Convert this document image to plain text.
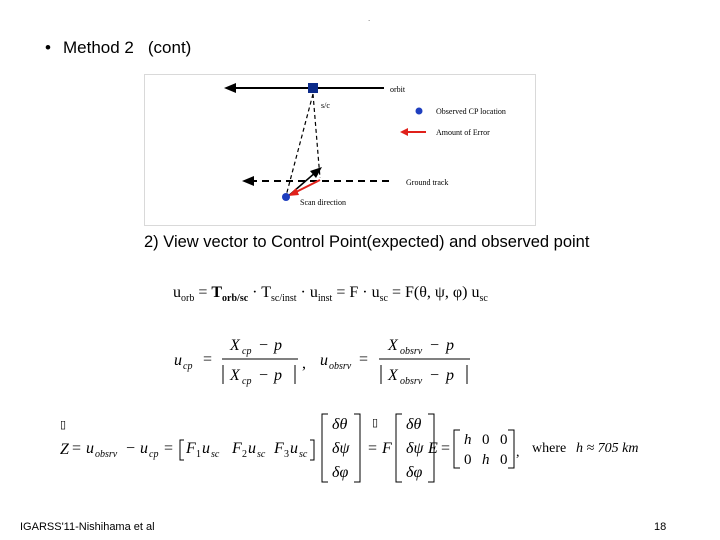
.
• Method 2 (cont)
orbit
s/c
Ground track
Scan direction
Observed CP location
Amount of Error
2) View vector to Control Point(expected) and observed point
$u_{orb} = T_{orb/sc} \cdot T_{sc/inst} \cdot u_{inst} = F \cdot u_{sc} = F(\theta$, ψ, φ) $u_{sc}$
u cp =
X cp − p
X cp − p
, u obsrv =
X obsrv − p
X obsrv − p
▯
Z = u obsrv − u cp = F 1 u sc F 2 u sc F 3 u sc
δθ
δψ
δφ
▯
= F
δθ
δψ
δφ
E = h 0 0
0 h 0 , where h ≈ 705 km
IGARSS'11-Nishihama et al	18
